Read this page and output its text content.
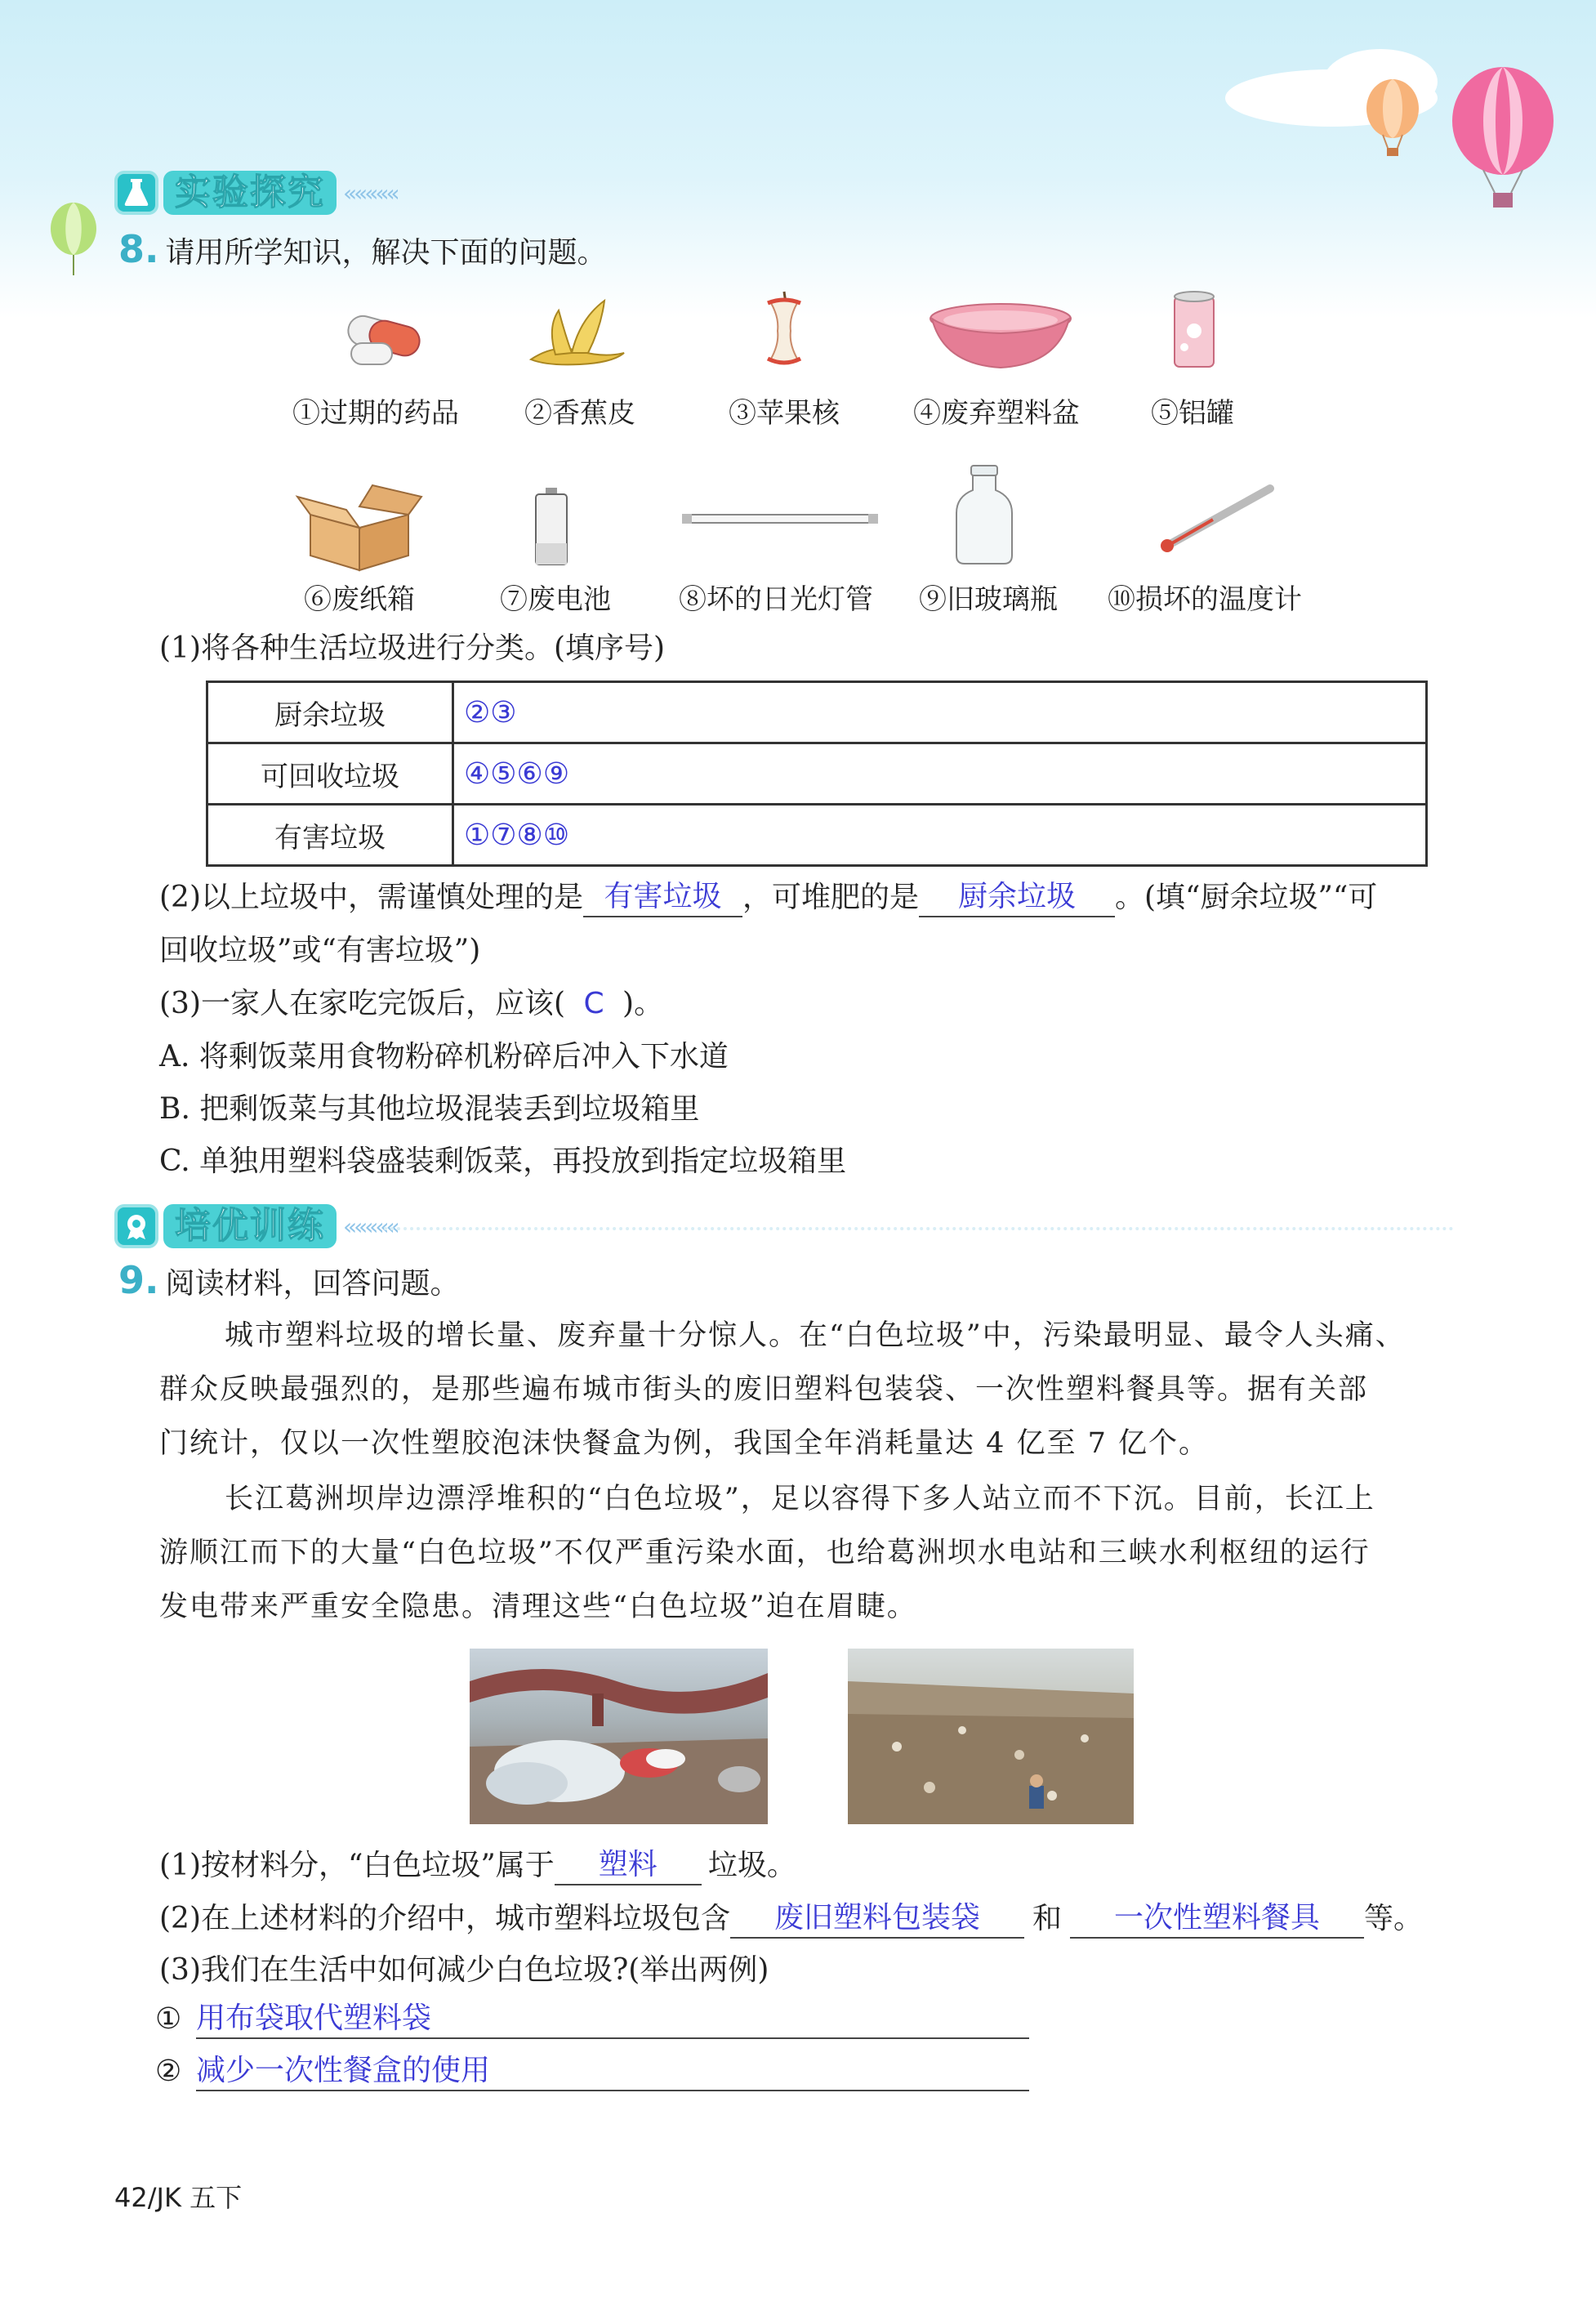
实验探究 «««««
8. 请用所学知识，解决下面的问题。
①过期的药品	②香蕉皮	③苹果核	④废弃塑料盆	⑤铝罐
⑥废纸箱	⑦废电池	⑧坏的日光灯管	⑨旧玻璃瓶	⑩损坏的温度计
(1)将各种生活垃圾进行分类。(填序号)
厨余垃圾	②③
可回收垃圾	④⑤⑥⑨
有害垃圾	①⑦⑧⑩
(2)以上垃圾中，需谨慎处理的是 有害垃圾 ，可堆肥的是	厨余垃圾	。(填“厨余垃圾”“可
回收垃圾”或“有害垃圾”)
(3)一家人在家吃完饭后，应该( C )。
A. 将剩饭菜用食物粉碎机粉碎后冲入下水道
B. 把剩饭菜与其他垃圾混装丢到垃圾箱里
C. 单独用塑料袋盛装剩饭菜，再投放到指定垃圾箱里
培优训练 «««««
9. 阅读材料，回答问题。
城市塑料垃圾的增长量、废弃量十分惊人。在“白色垃圾”中，污染最明显、最令人头痛、
群众反映最强烈的，是那些遍布城市街头的废旧塑料包装袋、一次性塑料餐具等。据有关部
门统计，仅以一次性塑胶泡沫快餐盒为例，我国全年消耗量达 4 亿至 7 亿个。
长江葛洲坝岸边漂浮堆积的“白色垃圾”，足以容得下多人站立而不下沉。目前，长江上
游顺江而下的大量“白色垃圾”不仅严重污染水面，也给葛洲坝水电站和三峡水利枢纽的运行
发电带来严重安全隐患。清理这些“白色垃圾”迫在眉睫。
(1)按材料分，“白色垃圾”属于	塑料	垃圾。
(2)在上述材料的介绍中，城市塑料垃圾包含	废旧塑料包装袋	和	一次性塑料餐具	等。
(3)我们在生活中如何减少白色垃圾?(举出两例)
① 用布袋取代塑料袋
② 减少一次性餐盒的使用
42/JK 五下
